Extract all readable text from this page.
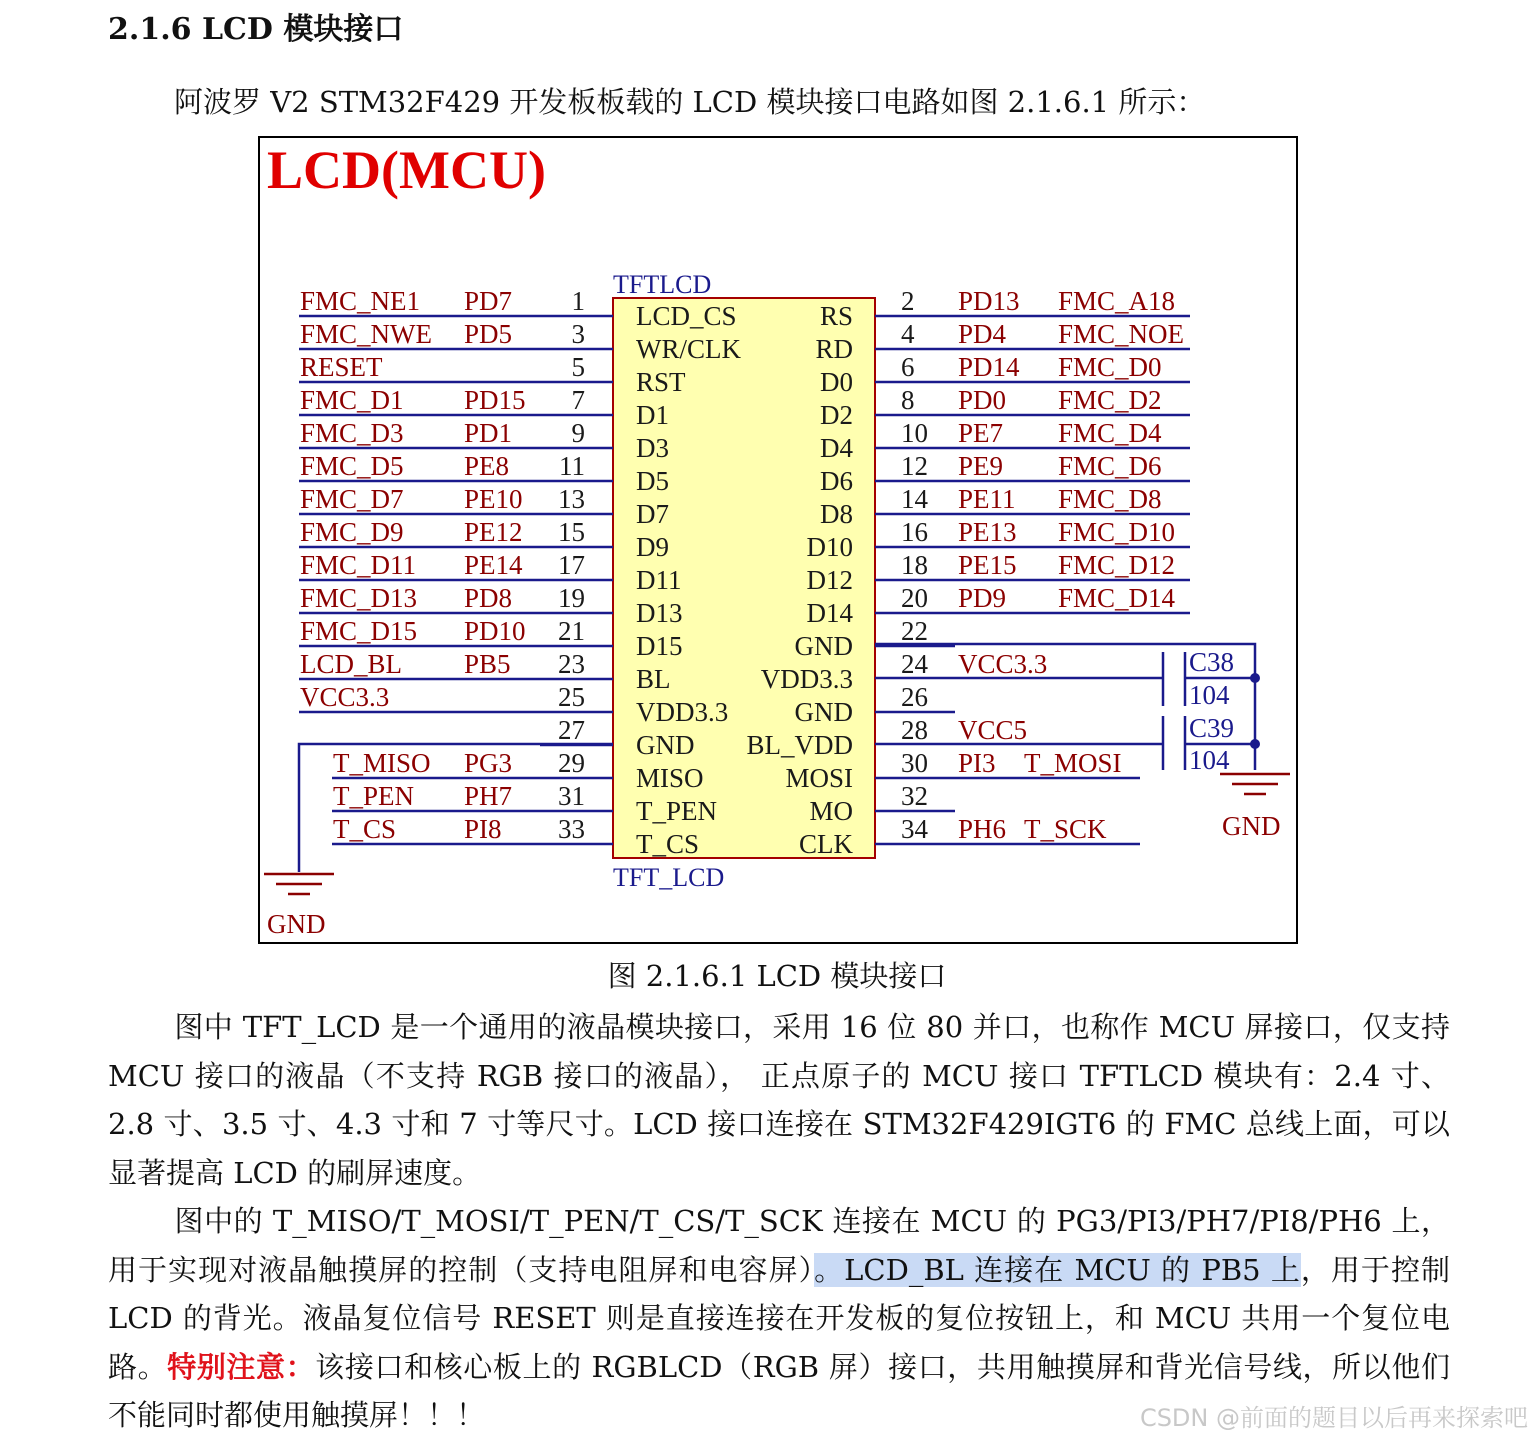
2.1.6 LCD 模块接口
阿波罗 V2 STM32F429 开发板板载的 LCD 模块接口电路如图 2.1.6.1 所示：
LCD(MCU)
TFTLCD
TFT_LCD
FMC_NE1 PD7 1 LCD_CS
FMC_NWE PD5 3 WR/CLK
RESET	5 RST
FMC_D1 PD15 7 D1
FMC_D3 PD1 9 D3
FMC_D5 PE8 11 D5
FMC_D7 PE10 13 D7
FMC_D9 PE12 15 D9
FMC_D11 PE14 17 D11
FMC_D13 PD8 19 D13
FMC_D15 PD10 21 D15
LCD_BL PB5 23 BL
VCC3.3	25 VDD3.3
27 GND
T_MISO PG3 29 MISO
T_PEN PH7 31 T_PEN
T_CS	PI8 33 T_CS
RS 2 PD13 FMC_A18
RD 4 PD4 FMC_NOE
D0 6 PD14 FMC_D0
D2 8 PD0 FMC_D2
D4 10 PE7 FMC_D4
D6 12 PE9 FMC_D6
D8 14 PE11 FMC_D8
D10 16 PE13 FMC_D10
D12 18 PE15 FMC_D12
D14 20 PD9 FMC_D14
GND 22
VDD3.3 24 VCC3.3
GND 26
BL_VDD 28 VCC5
MOSI 30 PI3 T_MOSI
MO 32
CLK 34 PH6 T_SCK
GND
C38
104
C39
104
GND
图 2.1.6.1 LCD 模块接口
图中 TFT_LCD 是一个通用的液晶模块接口，采用 16 位 80 并口，也称作 MCU 屏接口，仅支持 MCU 接口的液晶（不支持 RGB 接口的液晶）， 正点原子的 MCU 接口 TFTLCD 模块有：2.4 寸、2.8 寸、3.5 寸、4.3 寸和 7 寸等尺寸。LCD 接口连接在 STM32F429IGT6 的 FMC 总线上面，可以显著提高 LCD 的刷屏速度。
图中的 T_MISO/T_MOSI/T_PEN/T_CS/T_SCK 连接在 MCU 的 PG3/PI3/PH7/PI8/PH6 上，用于实现对液晶触摸屏的控制（支持电阻屏和电容屏）。LCD_BL 连接在 MCU 的 PB5 上，用于控制 LCD 的背光。液晶复位信号 RESET 则是直接连接在开发板的复位按钮上，和 MCU 共用一个复位电路。特别注意：该接口和核心板上的 RGBLCD（RGB 屏）接口，共用触摸屏和背光信号线，所以他们不能同时都使用触摸屏！！！	CSDN @前面的题目以后再来探索吧
